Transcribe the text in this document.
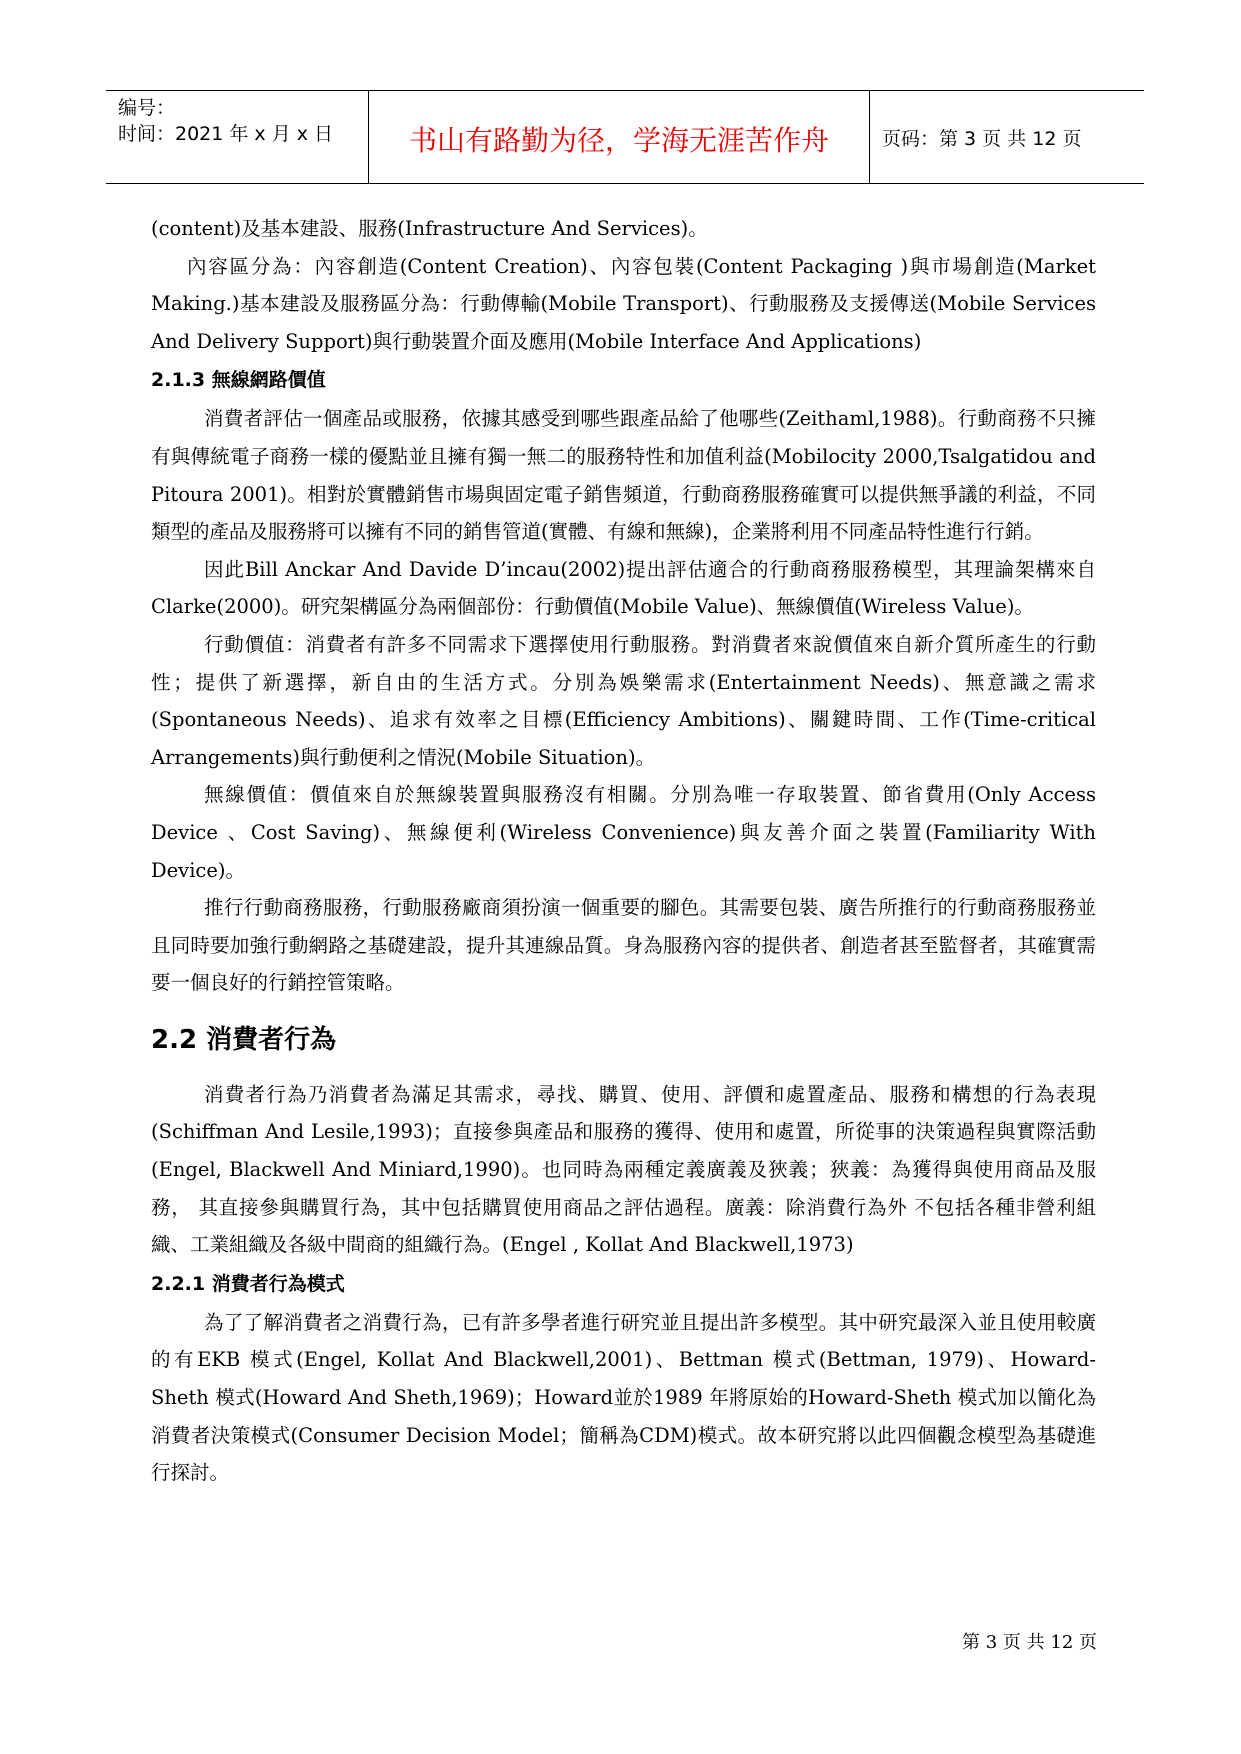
编号：
时间：2021 年 x 月 x 日	书山有路勤为径，学海无涯苦作舟	页码：第 3 页 共 12 页

(content)及基本建設、服務(Infrastructure And Services)。

內容區分為：內容創造(Content Creation)、內容包裝(Content Packaging )與市場創造(Market Making.)基本建設及服務區分為：行動傳輸(Mobile Transport)、行動服務及支援傳送(Mobile Services And Delivery Support)與行動裝置介面及應用(Mobile Interface And Applications)

2.1.3 無線網路價值

消費者評估一個產品或服務，依據其感受到哪些跟產品給了他哪些(Zeithaml,1988)。行動商務不只擁有與傳統電子商務一樣的優點並且擁有獨一無二的服務特性和加值利益(Mobilocity 2000,Tsalgatidou and Pitoura 2001)。相對於實體銷售市場與固定電子銷售頻道，行動商務服務確實可以提供無爭議的利益，不同類型的產品及服務將可以擁有不同的銷售管道(實體、有線和無線)，企業將利用不同產品特性進行行銷。

因此Bill Anckar And Davide D’incau(2002)提出評估適合的行動商務服務模型，其理論架構來自Clarke(2000)。研究架構區分為兩個部份：行動價值(Mobile Value)、無線價值(Wireless Value)。

行動價值：消費者有許多不同需求下選擇使用行動服務。對消費者來說價值來自新介質所產生的行動性；提供了新選擇，新自由的生活方式。分別為娛樂需求(Entertainment Needs)、無意識之需求(Spontaneous Needs)、追求有效率之目標(Efficiency Ambitions)、關鍵時間、工作(Time-critical Arrangements)與行動便利之情況(Mobile Situation)。

無線價值：價值來自於無線裝置與服務沒有相關。分別為唯一存取裝置、節省費用(Only Access Device 、Cost Saving)、無線便利(Wireless Convenience)與友善介面之裝置(Familiarity With Device)。

推行行動商務服務，行動服務廠商須扮演一個重要的腳色。其需要包裝、廣告所推行的行動商務服務並且同時要加強行動網路之基礎建設，提升其連線品質。身為服務內容的提供者、創造者甚至監督者，其確實需要一個良好的行銷控管策略。

2.2 消費者行為

消費者行為乃消費者為滿足其需求，尋找、購買、使用、評價和處置產品、服務和構想的行為表現(Schiffman And Lesile,1993)；直接參與產品和服務的獲得、使用和處置，所從事的決策過程與實際活動(Engel, Blackwell And Miniard,1990)。也同時為兩種定義廣義及狹義；狹義：為獲得與使用商品及服務， 其直接參與購買行為，其中包括購買使用商品之評估過程。廣義：除消費行為外 不包括各種非營利組織、工業組織及各級中間商的組織行為。(Engel , Kollat And Blackwell,1973)

2.2.1 消費者行為模式

為了了解消費者之消費行為，已有許多學者進行研究並且提出許多模型。其中研究最深入並且使用較廣的有EKB 模式(Engel, Kollat And Blackwell,2001)、Bettman 模式(Bettman, 1979)、Howard-Sheth 模式(Howard And Sheth,1969)；Howard並於1989 年將原始的Howard-Sheth 模式加以簡化為消費者決策模式(Consumer Decision Model；簡稱為CDM)模式。故本研究將以此四個觀念模型為基礎進行探討。

第 3 页 共 12 页
